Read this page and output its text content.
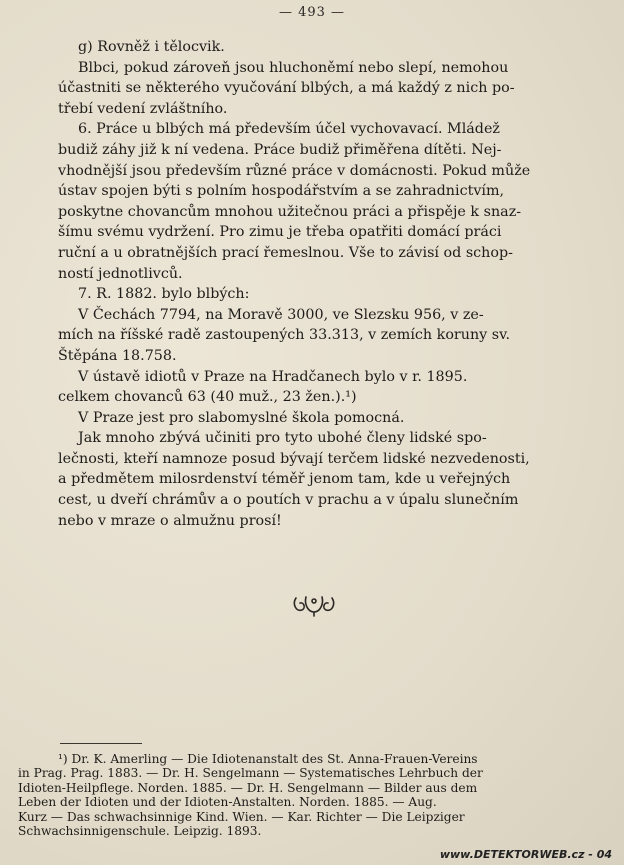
— 493 —
g) Rovněž i tělocvik.
Blbci, pokud zároveň jsou hluchoněmí nebo slepí, nemohou
účastniti se některého vyučování blbých, a má každý z nich po-
třebí vedení zvláštního.
6. Práce u blbých má především účel vychovavací. Mládež
budiž záhy již k ní vedena. Práce budiž přiměřena dítěti. Nej-
vhodnější jsou především různé práce v domácnosti. Pokud může
ústav spojen býti s polním hospodářstvím a se zahradnictvím,
poskytne chovancům mnohou užitečnou práci a přispěje k snaz-
šímu svému vydržení. Pro zimu je třeba opatřiti domácí práci
ruční a u obratnějších prací řemeslnou. Vše to závisí od schop-
ností jednotlivců.
7. R. 1882. bylo blbých:
V Čechách 7794, na Moravě 3000, ve Slezsku 956, v ze-
mích na říšské radě zastoupených 33.313, v zemích koruny sv.
Štěpána 18.758.
V ústavě idiotů v Praze na Hradčanech bylo v r. 1895.
celkem chovanců 63 (40 muž., 23 žen.).¹)
V Praze jest pro slabomyslné škola pomocná.
Jak mnoho zbývá učiniti pro tyto ubohé členy lidské spo-
lečnosti, kteří namnoze posud bývají terčem lidské nezvedenosti,
a předmětem milosrdenství téměř jenom tam, kde u veřejných
cest, u dveří chrámův a o poutích v prachu a v úpalu slunečním
nebo v mraze o almužnu prosí!
¹) Dr. K. Amerling — Die Idiotenanstalt des St. Anna-Frauen-Vereins
in Prag. Prag. 1883. — Dr. H. Sengelmann — Systematisches Lehrbuch der
Idioten-Heilpflege. Norden. 1885. — Dr. H. Sengelmann — Bilder aus dem
Leben der Idioten und der Idioten-Anstalten. Norden. 1885. — Aug.
Kurz — Das schwachsinnige Kind. Wien. — Kar. Richter — Die Leipziger
Schwachsinnigenschule. Leipzig. 1893.
www.DETEKTORWEB.cz - 04
